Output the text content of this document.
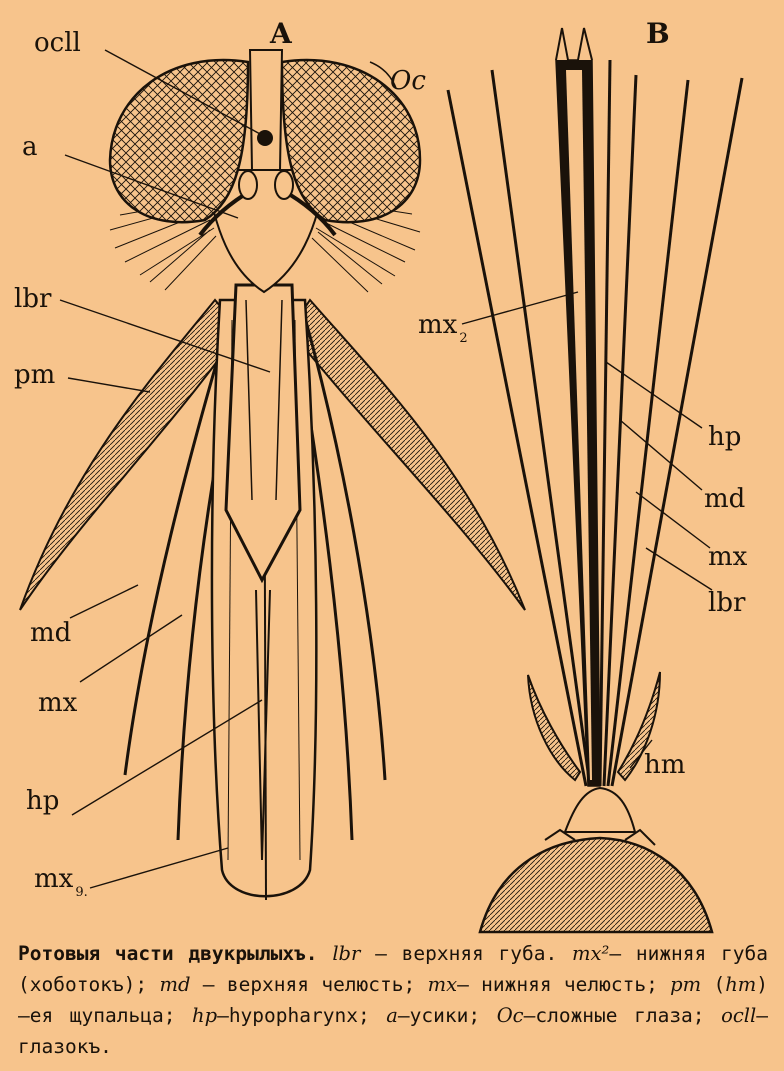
A
ocll
Oc
a
lbr
pm
md
mx
hp
mx $_{9.}$
B
mx $_2$
hp
md
mx
lbr
hm
Ротовыя части двукрылыхъ. lbr — верхняя губа. mx²— нижняя губа (хоботокъ); md — верхняя челюсть; mx— нижняя челюсть; pm (hm)—ея щупальца; hp—hypopharynx; a—усики; Oc—сложные глаза; ocll—глазокъ.
